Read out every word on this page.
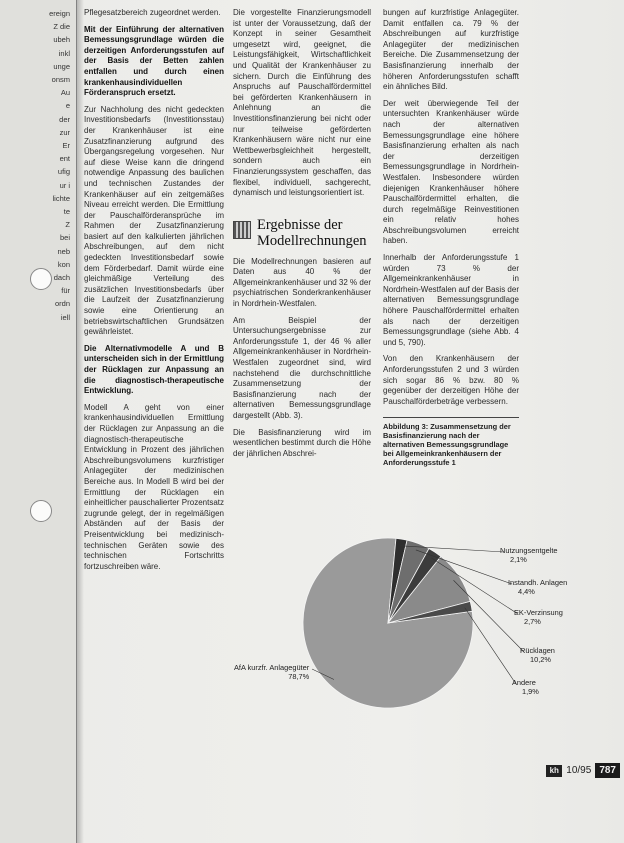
ereign
Z die
ubeh
inkl
unge
onsm
Au
e
der
zur
Er
ent
ufig
ur i
lichte
te
Z
bei
neb
kon
dach
für
ordn
iell

Pflegesatzbereich zugeordnet werden.

Mit der Einführung der alternativen Bemessungsgrundlage würden die derzeitigen Anforderungsstufen auf der Basis der Betten zahlen entfallen und durch einen krankenhausindividuellen Förderanspruch ersetzt.

Zur Nachholung des nicht gedeckten Investitionsbedarfs (Investitionsstau) der Krankenhäuser ist eine Zusatzfinanzierung aufgrund des Übergangsregelung vorgesehen. Nur auf diese Weise kann die dringend notwendige Anpassung des baulichen und technischen Zustandes der Krankenhäuser auf ein zeitgemäßes Niveau erreicht werden. Die Ermittlung der Pauschalförderansprüche im Rahmen der Zusatzfinanzierung basiert auf den kalkulierten jährlichen Abschreibungen, auf dem nicht gedeckten Investitionsbedarf sowie dem Förderbedarf. Damit würde eine gleichmäßige Verteilung des zusätzlichen Investitionsbedarfs über die Laufzeit der Zusatzfinanzierung sowie eine Orientierung an betriebswirtschaftlichen Grundsätzen gewährleistet.

Die Alternativmodelle A und B unterscheiden sich in der Ermittlung der Rücklagen zur Anpassung an die diagnostisch-therapeutische Entwicklung.

Modell A geht von einer krankenhausindividuellen Ermittlung der Rücklagen zur Anpassung an die diagnostisch-therapeutische Entwicklung in Prozent des jährlichen Abschreibungsvolumens kurzfristiger Anlagegüter der medizinischen Bereiche aus. In Modell B wird bei der Ermittlung der Rücklagen ein einheitlicher pauschalierter Prozentsatz zugrunde gelegt, der in regelmäßigen Abständen auf der Basis der Preisentwicklung bei medizinisch-technischen Geräten sowie des technischen Fortschritts fortzuschreiben wäre.

Die vorgestellte Finanzierungsmodell ist unter der Voraussetzung, daß der Konzept in seiner Gesamtheit umgesetzt wird, geeignet, die Leistungsfähigkeit, Wirtschaftlichkeit und Qualität der Krankenhäuser zu sichern. Durch die Einführung des Anspruchs auf Pauschalfördermittel bei geförderten Krankenhäusern in Anlehnung an die Investitionsfinanzierung bei nicht oder nur teilweise geförderten Krankenhäusern wäre nicht nur eine Wettbewerbsgleichheit hergestellt, sondern auch ein Finanzierungssystem geschaffen, das flexibel, individuell, sachgerecht, dynamisch und leistungsorientiert ist.

Ergebnisse der Modellrechnungen

Die Modellrechnungen basieren auf Daten aus 40 % der Allgemeinkrankenhäuser und 32 % der psychiatrischen Sonderkrankenhäuser in Nordrhein-Westfalen.

Am Beispiel der Untersuchungsergebnisse zur Anforderungsstufe 1, der 46 % aller Allgemeinkrankenhäuser in Nordrhein-Westfalen zugeordnet sind, wird nachstehend die durchschnittliche Zusammensetzung der Basisfinanzierung nach der alternativen Bemessungsgrundlage dargestellt (Abb. 3).

Die Basisfinanzierung wird im wesentlichen bestimmt durch die Höhe der jährlichen Abschrei-

bungen auf kurzfristige Anlagegüter. Damit entfallen ca. 79 % der Abschreibungen auf kurzfristige Anlagegüter der medizinischen Bereiche. Die Zusammensetzung der Basisfinanzierung innerhalb der höheren Anforderungsstufen schafft ein ähnliches Bild.

Der weit überwiegende Teil der untersuchten Krankenhäuser würde nach der alternativen Bemessungsgrundlage eine höhere Basisfinanzierung erhalten als nach der derzeitigen Bemessungsgrundlage in Nordrhein-Westfalen. Insbesondere würden diejenigen Krankenhäuser höhere Pauschalfördermittel erhalten, die durch regelmäßige Reinvestitionen ein relativ hohes Abschreibungsvolumen erreicht haben.

Innerhalb der Anforderungsstufe 1 würden 73 % der Allgemeinkrankenhäuser in Nordrhein-Westfalen auf der Basis der alternativen Bemessungsgrundlage höhere Pauschalfördermittel erhalten als nach der derzeitigen Bemessungsgrundlage (siehe Abb. 4 und 5, 790).

Von den Krankenhäusern der Anforderungsstufen 2 und 3 würden sich sogar 86 % bzw. 80 % gegenüber der derzeitigen Höhe der Pauschalförderbeträge verbessern.

Abbildung 3: Zusammensetzung der Basisfinanzierung nach der alternativen Bemessungsgrundlage bei Allgemeinkrankenhäusern der Anforderungsstufe 1
AfA kurzfr. Anlagegüter
78,7%
Nutzungsentgelte
2,1%
Instandh. Anlagen
4,4%
EK-Verzinsung
2,7%
Rücklagen
10,2%
Andere
1,9%
kh 10/95 787
